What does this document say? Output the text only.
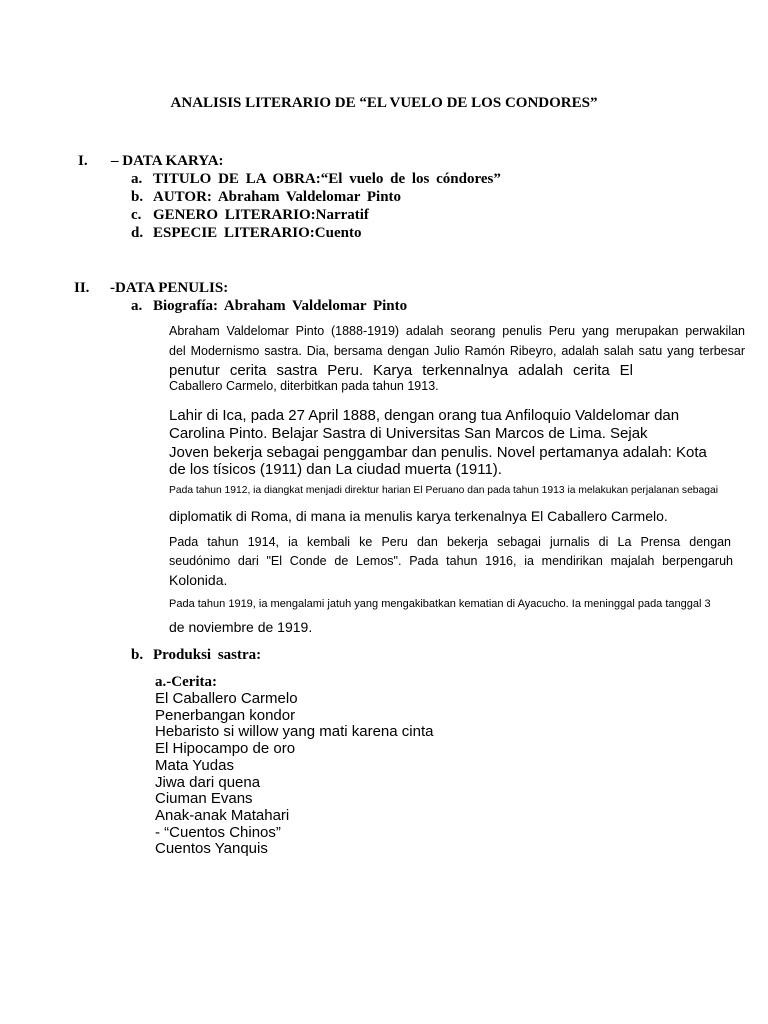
ANALISIS LITERARIO DE “EL VUELO DE LOS CONDORES”
I. – DATA KARYA:
a. TITULO DE LA OBRA:“El vuelo de los cóndores”
b. AUTOR: Abraham Valdelomar Pinto
c. GENERO LITERARIO:Narratif
d. ESPECIE LITERARIO:Cuento
II. -DATA PENULIS:
a. Biografía: Abraham Valdelomar Pinto
Abraham Valdelomar Pinto (1888-1919) adalah seorang penulis Peru yang merupakan perwakilan
del Modernismo sastra. Dia, bersama dengan Julio Ramón Ribeyro, adalah salah satu yang terbesar
penutur cerita sastra Peru. Karya terkennalnya adalah cerita El
Caballero Carmelo, diterbitkan pada tahun 1913.
Lahir di Ica, pada 27 April 1888, dengan orang tua Anfiloquio Valdelomar dan
Carolina Pinto. Belajar Sastra di Universitas San Marcos de Lima. Sejak
Joven bekerja sebagai penggambar dan penulis. Novel pertamanya adalah: Kota
de los tísicos (1911) dan La ciudad muerta (1911).
Pada tahun 1912, ia diangkat menjadi direktur harian El Peruano dan pada tahun 1913 ia melakukan perjalanan sebagai
diplomatik di Roma, di mana ia menulis karya terkenalnya El Caballero Carmelo.
Pada tahun 1914, ia kembali ke Peru dan bekerja sebagai jurnalis di La Prensa dengan
seudónimo dari "El Conde de Lemos". Pada tahun 1916, ia mendirikan majalah berpengaruh
Kolonida.
Pada tahun 1919, ia mengalami jatuh yang mengakibatkan kematian di Ayacucho. Ia meninggal pada tanggal 3
de noviembre de 1919.
b. Produksi sastra:
a.-Cerita:
El Caballero Carmelo
Penerbangan kondor
Hebaristo si willow yang mati karena cinta
El Hipocampo de oro
Mata Yudas
Jiwa dari quena
Ciuman Evans
Anak-anak Matahari
- “Cuentos Chinos”
Cuentos Yanquis
